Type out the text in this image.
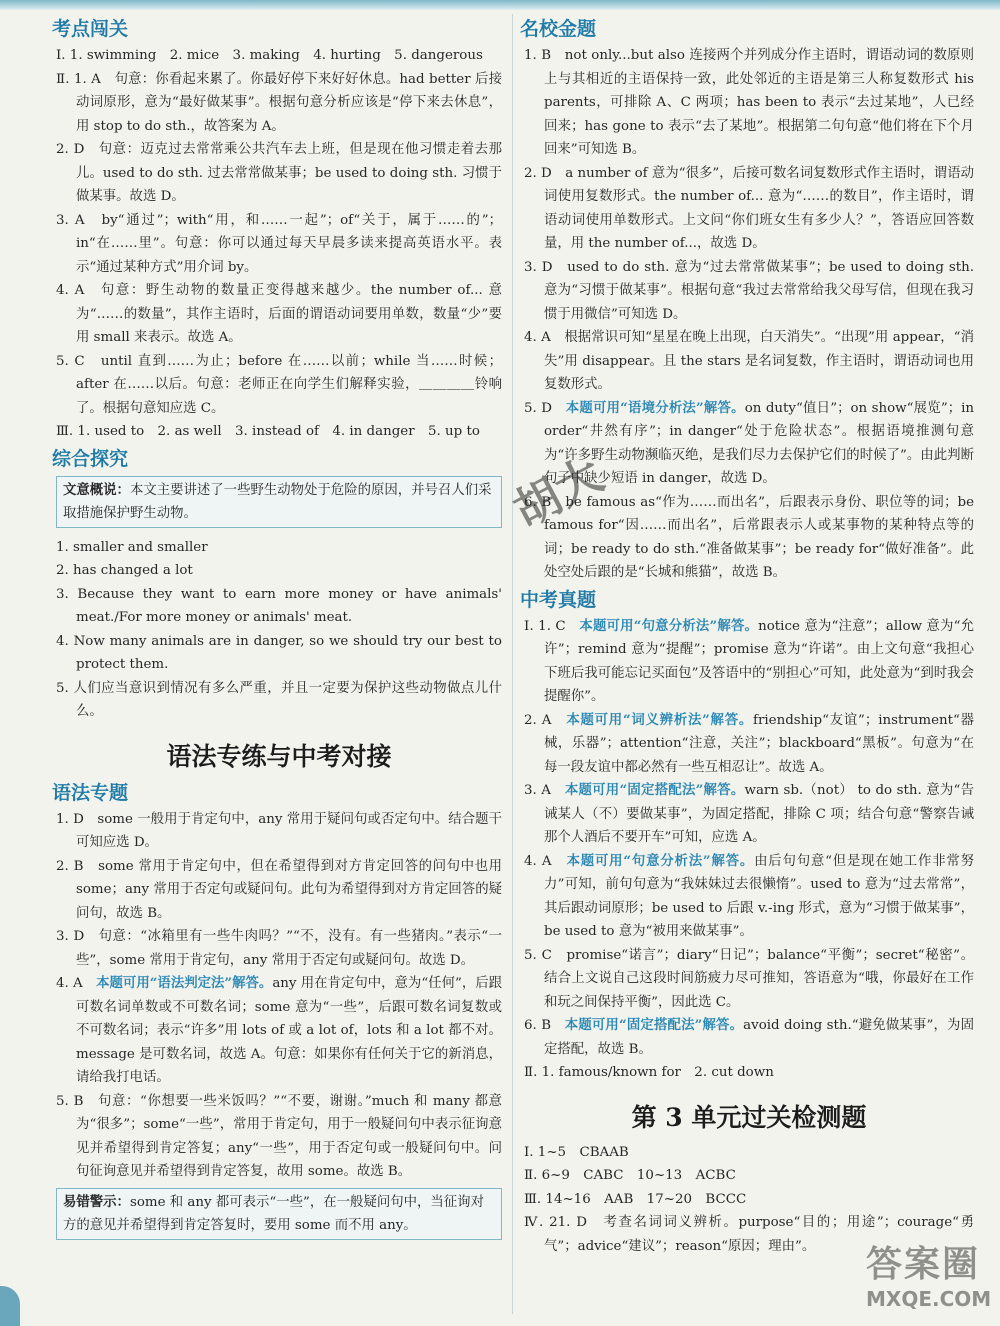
考点闯关

Ⅰ. 1. swimming　2. mice　3. making　4. hurting　5. dangerous

Ⅱ. 1. A　句意：你看起来累了。你最好停下来好好休息。had better 后接动词原形，意为“最好做某事”。根据句意分析应该是“停下来去休息”，用 stop to do sth.，故答案为 A。

2. D　句意：迈克过去常常乘公共汽车去上班，但是现在他习惯走着去那儿。used to do sth. 过去常常做某事；be used to doing sth. 习惯于做某事。故选 D。

3. A　by“通过”；with“用，和……一起”；of“关于，属于……的”；in“在……里”。句意：你可以通过每天早晨多读来提高英语水平。表示“通过某种方式”用介词 by。

4. A　句意：野生动物的数量正变得越来越少。the number of... 意为“……的数量”，其作主语时，后面的谓语动词要用单数，数量“少”要用 small 来表示。故选 A。

5. C　until 直到……为止；before 在……以前；while 当……时候；after 在……以后。句意：老师正在向学生们解释实验，＿＿＿＿铃响了。根据句意知应选 C。

Ⅲ. 1. used to　2. as well　3. instead of　4. in danger　5. up to

综合探究
文意概说：本文主要讲述了一些野生动物处于危险的原因，并号召人们采取措施保护野生动物。

1. smaller and smaller

2. has changed a lot

3. Because they want to earn more money or have animals' meat./For more money or animals' meat.

4. Now many animals are in danger, so we should try our best to protect them.

5. 人们应当意识到情况有多么严重，并且一定要为保护这些动物做点儿什么。

语法专练与中考对接
语法专题

1. D　some 一般用于肯定句中，any 常用于疑问句或否定句中。结合题干可知应选 D。

2. B　some 常用于肯定句中，但在希望得到对方肯定回答的问句中也用 some；any 常用于否定句或疑问句。此句为希望得到对方肯定回答的疑问句，故选 B。

3. D　句意：“冰箱里有一些牛肉吗？”“不，没有。有一些猪肉。”表示“一些”，some 常用于肯定句，any 常用于否定句或疑问句。故选 D。

4. A　 本题可用“语法判定法”解答。any 用在肯定句中，意为“任何”，后跟可数名词单数或不可数名词；some 意为“一些”，后跟可数名词复数或不可数名词；表示“许多”用 lots of 或 a lot of，lots 和 a lot 都不对。message 是可数名词，故选 A。句意：如果你有任何关于它的新消息，请给我打电话。

5. B　句意：“你想要一些米饭吗？”“不要，谢谢。”much 和 many 都意为“很多”；some“一些”，常用于肯定句，用于一般疑问句中表示征询意见并希望得到肯定答复；any“一些”，用于否定句或一般疑问句中。问句征询意见并希望得到肯定答复，故用 some。故选 B。

易错警示：some 和 any 都可表示“一些”，在一般疑问句中，当征询对方的意见并希望得到肯定答复时，要用 some 而不用 any。
名校金题

1. B　not only...but also 连接两个并列成分作主语时，谓语动词的数原则上与其相近的主语保持一致，此处邻近的主语是第三人称复数形式 his parents，可排除 A、C 两项；has been to 表示“去过某地”，人已经回来；has gone to 表示“去了某地”。根据第二句句意“他们将在下个月回来”可知选 B。

2. D　a number of 意为“很多”，后接可数名词复数形式作主语时，谓语动词使用复数形式。the number of... 意为“……的数目”，作主语时，谓语动词使用单数形式。上文问“你们班女生有多少人？”，答语应回答数量，用 the number of...，故选 D。

3. D　used to do sth. 意为“过去常常做某事”；be used to doing sth. 意为“习惯于做某事”。根据句意“我过去常常给我父母写信，但现在我习惯于用微信”可知选 D。

4. A　根据常识可知“星星在晚上出现，白天消失”。“出现”用 appear，“消失”用 disappear。且 the stars 是名词复数，作主语时，谓语动词也用复数形式。

5. D　 本题可用“语境分析法”解答。on duty“值日”；on show“展览”；in order“井然有序”；in danger“处于危险状态”。根据语境推测句意为“许多野生动物濒临灭绝，是我们尽力去保护它们的时候了”。由此判断句子中缺少短语 in danger，故选 D。

6. B　be famous as“作为……而出名”，后跟表示身份、职位等的词；be famous for“因……而出名”，后常跟表示人或某事物的某种特点等的词；be ready to do sth.“准备做某事”；be ready for“做好准备”。此处空处后跟的是“长城和熊猫”，故选 B。

中考真题

Ⅰ. 1. C　 本题可用“句意分析法”解答。notice 意为“注意”；allow 意为“允许”；remind 意为“提醒”；promise 意为“许诺”。由上文句意“我担心下班后我可能忘记买面包”及答语中的“别担心”可知，此处意为“到时我会提醒你”。

2. A　 本题可用“词义辨析法”解答。friendship“友谊”；instrument“器械，乐器”；attention“注意，关注”；blackboard“黑板”。句意为“在每一段友谊中都必然有一些互相忍让”。故选 A。

3. A　 本题可用“固定搭配法”解答。warn sb.（not） to do sth. 意为“告诫某人（不）要做某事”，为固定搭配，排除 C 项；结合句意“警察告诫那个人酒后不要开车”可知，应选 A。

4. A　 本题可用“句意分析法”解答。由后句句意“但是现在她工作非常努力”可知，前句句意为“我妹妹过去很懒惰”。used to 意为“过去常常”，其后跟动词原形；be used to 后跟 v.-ing 形式，意为“习惯于做某事”，be used to 意为“被用来做某事”。

5. C　 promise“诺言”；diary“日记”；balance“平衡”；secret“秘密”。结合上文说自己这段时间筋疲力尽可推知，答语意为“哦，你最好在工作和玩之间保持平衡”，因此选 C。

6. B　 本题可用“固定搭配法”解答。avoid doing sth.“避免做某事”，为固定搭配，故选 B。

Ⅱ. 1. famous/known for　2. cut down

第 3 单元过关检测题

Ⅰ. 1~5　CBAAB

Ⅱ. 6~9　CABC　10~13　ACBC

Ⅲ. 14~16　AAB　17~20　BCCC

Ⅳ. 21. D　考查名词词义辨析。purpose“目的；用途”；courage“勇气”；advice“建议”；reason“原因；理由”。

胡大
答案圈
MXQE.COM
